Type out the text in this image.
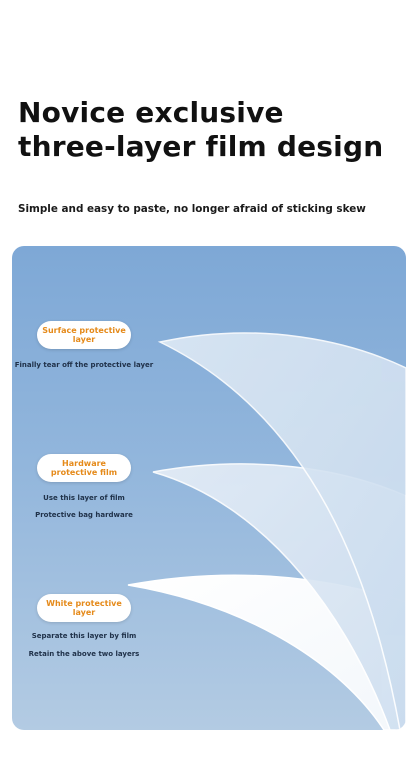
Novice exclusive
three-layer film design

Simple and easy to paste, no longer afraid of sticking skew

Surface protective layer
Finally tear off the protective layer
Hardware protective film
Use this layer of film
Protective bag hardware
White protective layer
Separate this layer by film
Retain the above two layers
